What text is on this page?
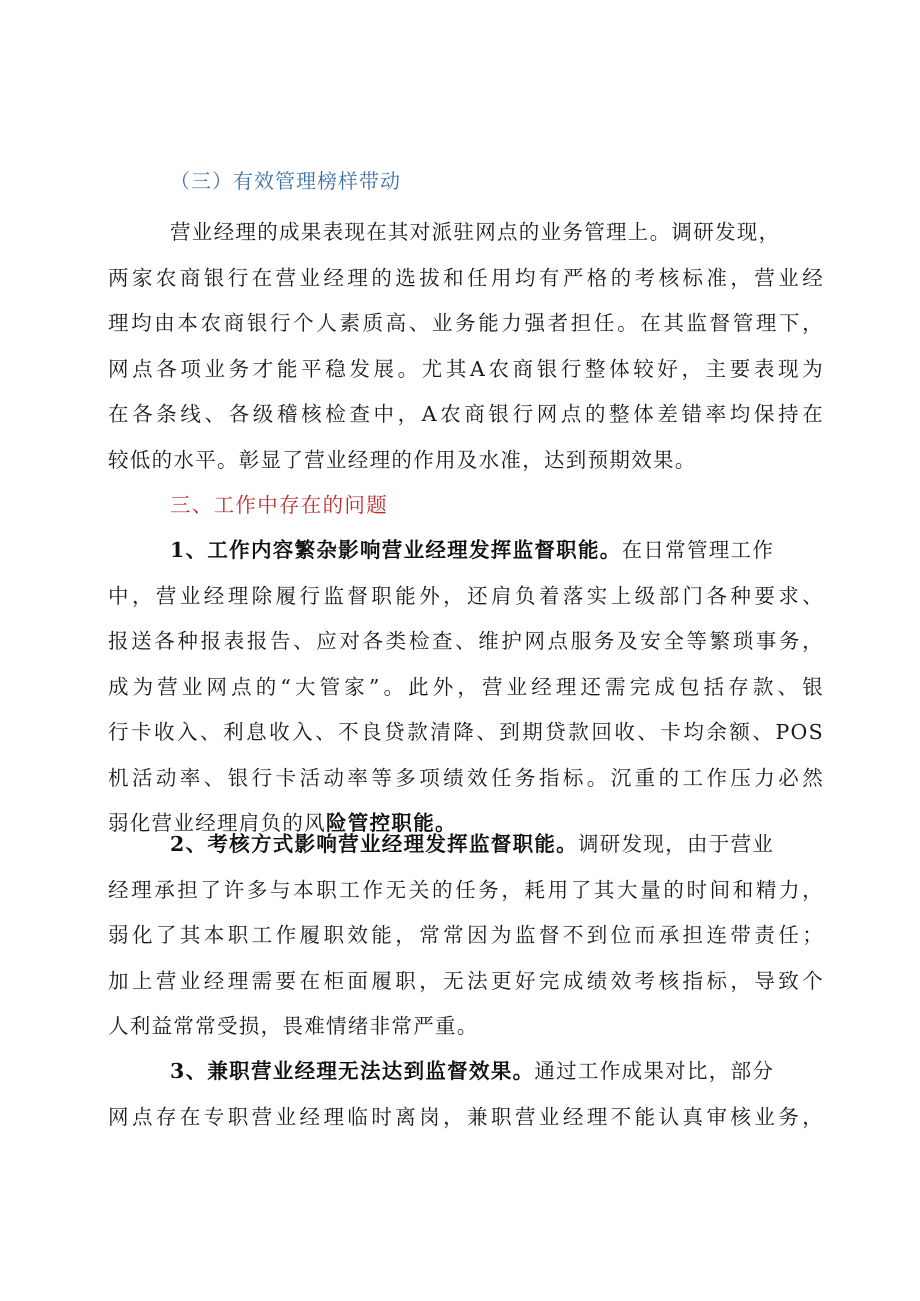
（三）有效管理榜样带动
营业经理的成果表现在其对派驻网点的业务管理上。调研发现，
两家农商银行在营业经理的选拔和任用均有严格的考核标准，营业经
理均由本农商银行个人素质高、业务能力强者担任。在其监督管理下，
网点各项业务才能平稳发展。尤其A农商银行整体较好，主要表现为
在各条线、各级稽核检查中，A农商银行网点的整体差错率均保持在
较低的水平。彰显了营业经理的作用及水准，达到预期效果。
三、工作中存在的问题
1、工作内容繁杂影响营业经理发挥监督职能。在日常管理工作
中，营业经理除履行监督职能外，还肩负着落实上级部门各种要求、
报送各种报表报告、应对各类检查、维护网点服务及安全等繁琐事务，
成为营业网点的“大管家”。此外，营业经理还需完成包括存款、银
行卡收入、利息收入、不良贷款清降、到期贷款回收、卡均余额、POS
机活动率、银行卡活动率等多项绩效任务指标。沉重的工作压力必然
弱化营业经理肩负的风险管控职能。
2、考核方式影响营业经理发挥监督职能。调研发现，由于营业
经理承担了许多与本职工作无关的任务，耗用了其大量的时间和精力，
弱化了其本职工作履职效能，常常因为监督不到位而承担连带责任；
加上营业经理需要在柜面履职，无法更好完成绩效考核指标，导致个
人利益常常受损，畏难情绪非常严重。
3、兼职营业经理无法达到监督效果。通过工作成果对比，部分
网点存在专职营业经理临时离岗，兼职营业经理不能认真审核业务，
